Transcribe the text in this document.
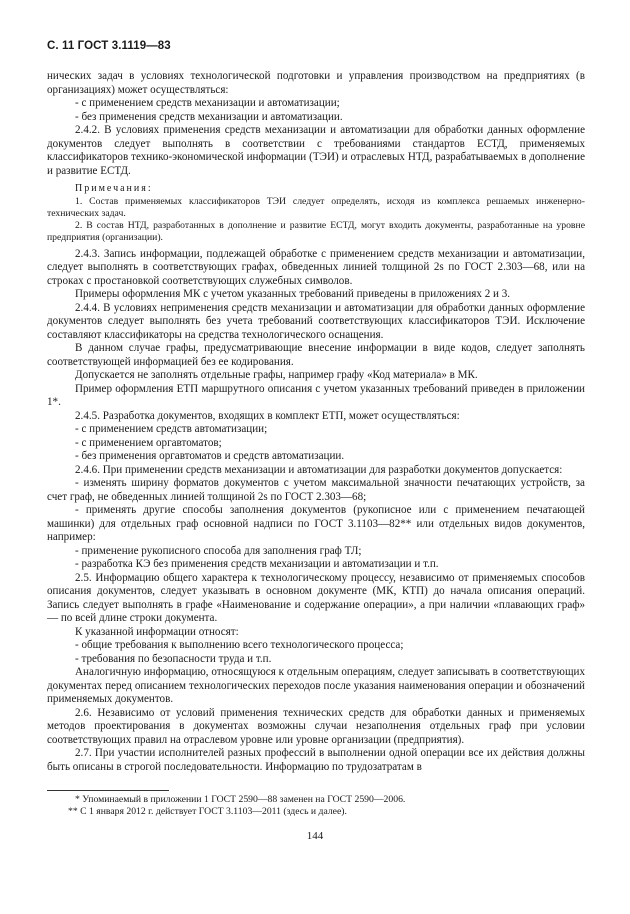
С. 11 ГОСТ 3.1119—83

нических задач в условиях технологической подготовки и управления производством на предприятиях (в организациях) может осуществляться:

- с применением средств механизации и автоматизации;

- без применения средств механизации и автоматизации.

2.4.2. В условиях применения средств механизации и автоматизации для обработки данных оформление документов следует выполнять в соответствии с требованиями стандартов ЕСТД, применяемых классификаторов технико-экономической информации (ТЭИ) и отраслевых НТД, разрабатываемых в дополнение и развитие ЕСТД.

Примечания:

1. Состав применяемых классификаторов ТЭИ следует определять, исходя из комплекса решаемых инженерно-технических задач.

2. В состав НТД, разработанных в дополнение и развитие ЕСТД, могут входить документы, разработанные на уровне предприятия (организации).

2.4.3. Запись информации, подлежащей обработке с применением средств механизации и автоматизации, следует выполнять в соответствующих графах, обведенных линией толщиной 2s по ГОСТ 2.303—68, или на строках с простановкой соответствующих служебных символов.

Примеры оформления МК с учетом указанных требований приведены в приложениях 2 и 3.

2.4.4. В условиях неприменения средств механизации и автоматизации для обработки данных оформление документов следует выполнять без учета требований соответствующих классификаторов ТЭИ. Исключение составляют классификаторы на средства технологического оснащения.

В данном случае графы, предусматривающие внесение информации в виде кодов, следует заполнять соответствующей информацией без ее кодирования.

Допускается не заполнять отдельные графы, например графу «Код материала» в МК.

Пример оформления ЕТП маршрутного описания с учетом указанных требований приведен в приложении 1*.

2.4.5. Разработка документов, входящих в комплект ЕТП, может осуществляться:

- с применением средств автоматизации;

- с применением оргавтоматов;

- без применения оргавтоматов и средств автоматизации.

2.4.6. При применении средств механизации и автоматизации для разработки документов допускается:

- изменять ширину форматов документов с учетом максимальной значности печатающих устройств, за счет граф, не обведенных линией толщиной 2s по ГОСТ 2.303—68;

- применять другие способы заполнения документов (рукописное или с применением печатающей машинки) для отдельных граф основной надписи по ГОСТ 3.1103—82** или отдельных видов документов, например:

- применение рукописного способа для заполнения граф ТЛ;

- разработка КЭ без применения средств механизации и автоматизации и т.п.

2.5. Информацию общего характера к технологическому процессу, независимо от применяемых способов описания документов, следует указывать в основном документе (МК, КТП) до начала описания операций. Запись следует выполнять в графе «Наименование и содержание операции», а при наличии «плавающих граф» — по всей длине строки документа.

К указанной информации относят:

- общие требования к выполнению всего технологического процесса;

- требования по безопасности труда и т.п.

Аналогичную информацию, относящуюся к отдельным операциям, следует записывать в соответствующих документах перед описанием технологических переходов после указания наименования операции и обозначений применяемых документов.

2.6. Независимо от условий применения технических средств для обработки данных и применяемых методов проектирования в документах возможны случаи незаполнения отдельных граф при условии соответствующих правил на отраслевом уровне или уровне организации (предприятия).

2.7. При участии исполнителей разных профессий в выполнении одной операции все их действия должны быть описаны в строгой последовательности. Информацию по трудозатратам в

* Упоминаемый в приложении 1 ГОСТ 2590—88 заменен на ГОСТ 2590—2006.

** С 1 января 2012 г. действует ГОСТ 3.1103—2011 (здесь и далее).

144
